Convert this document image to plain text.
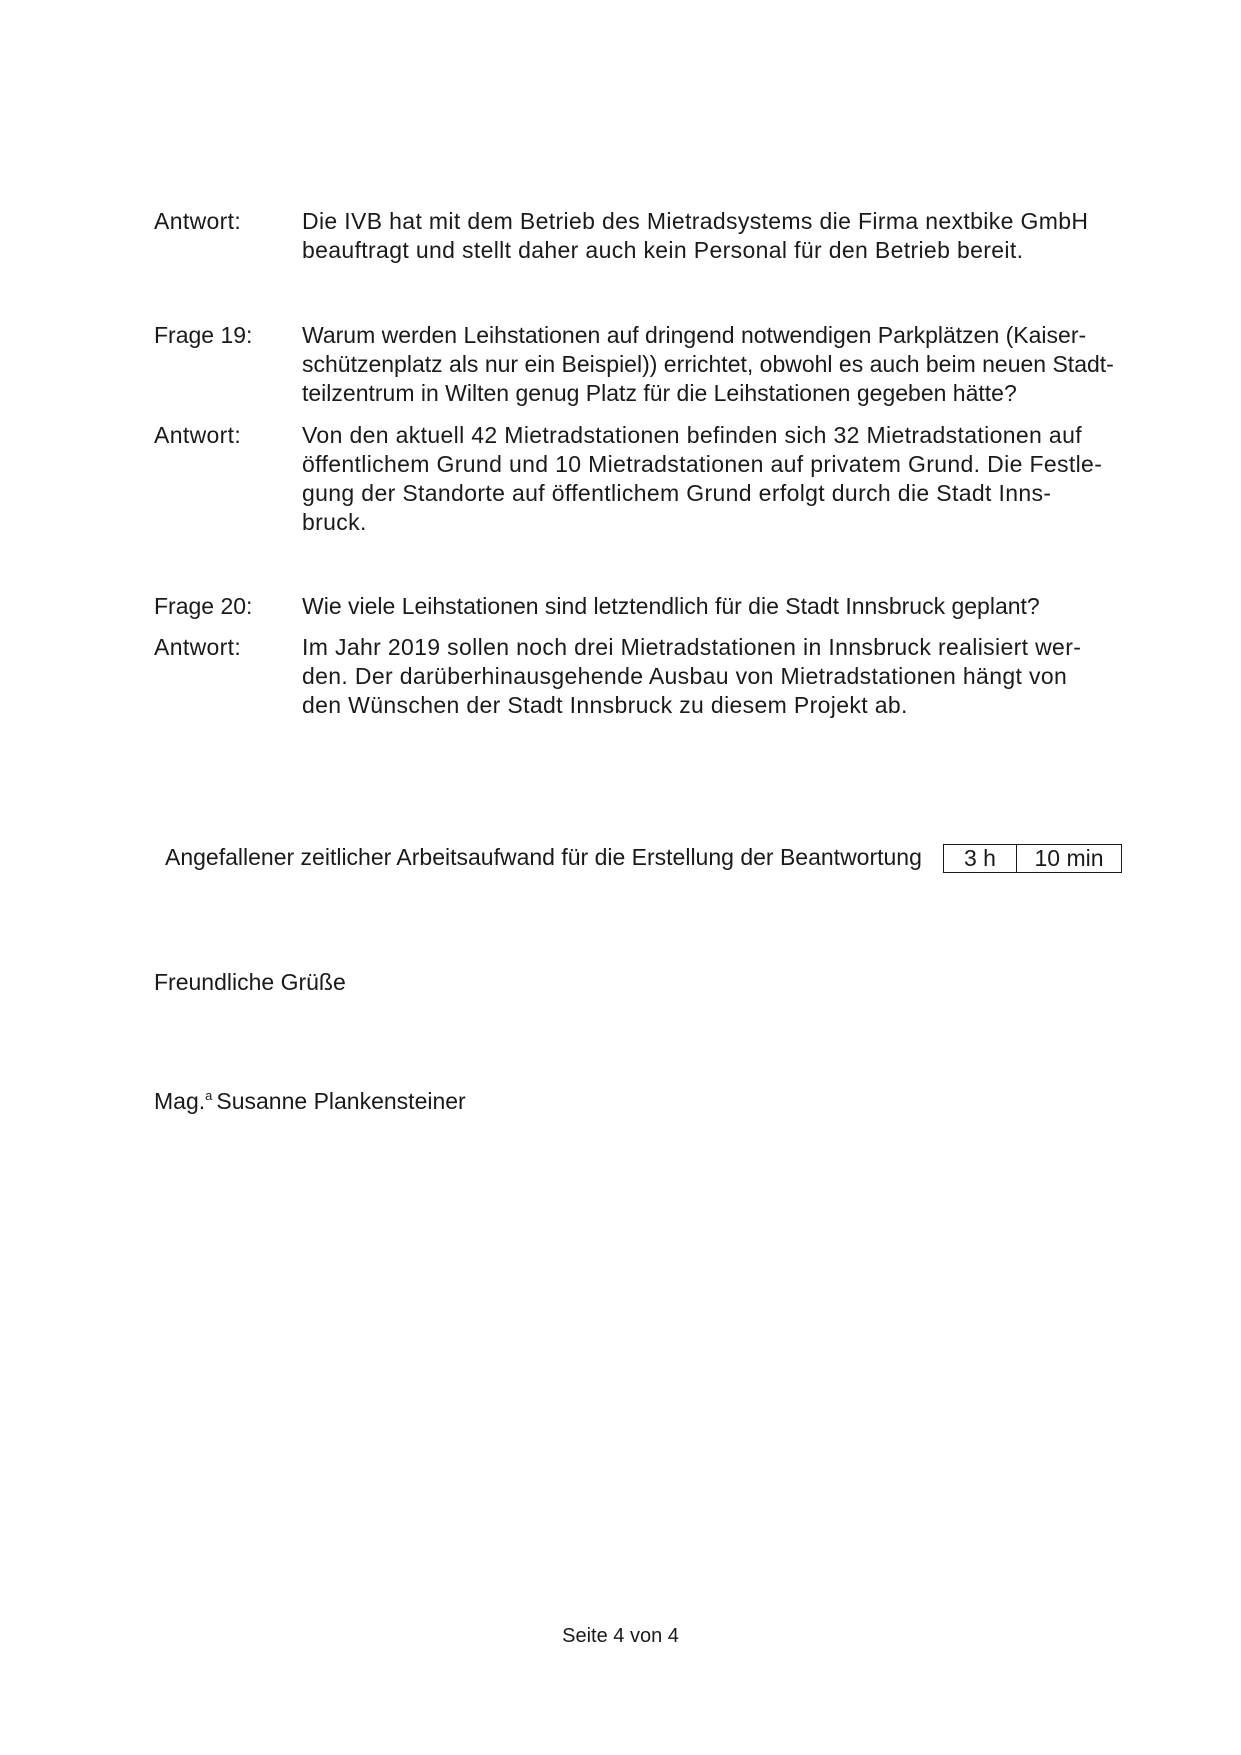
Antwort:	Die IVB hat mit dem Betrieb des Mietradsystems die Firma nextbike GmbH
beauftragt und stellt daher auch kein Personal für den Betrieb bereit.
Frage 19:	Warum werden Leihstationen auf dringend notwendigen Parkplätzen (Kaiser-
schützenplatz als nur ein Beispiel)) errichtet, obwohl es auch beim neuen Stadt-
teilzentrum in Wilten genug Platz für die Leihstationen gegeben hätte?
Antwort:	Von den aktuell 42 Mietradstationen befinden sich 32 Mietradstationen auf
öffentlichem Grund und 10 Mietradstationen auf privatem Grund. Die Festle-
gung der Standorte auf öffentlichem Grund erfolgt durch die Stadt Inns-
bruck.
Frage 20:	Wie viele Leihstationen sind letztendlich für die Stadt Innsbruck geplant?
Antwort:	Im Jahr 2019 sollen noch drei Mietradstationen in Innsbruck realisiert wer-
den. Der darüberhinausgehende Ausbau von Mietradstationen hängt von
den Wünschen der Stadt Innsbruck zu diesem Projekt ab.
Angefallener zeitlicher Arbeitsaufwand für die Erstellung der Beantwortung	3 h	10 min
Freundliche Grüße
Mag.$^a$ Susanne Plankensteiner
Seite 4 von 4
